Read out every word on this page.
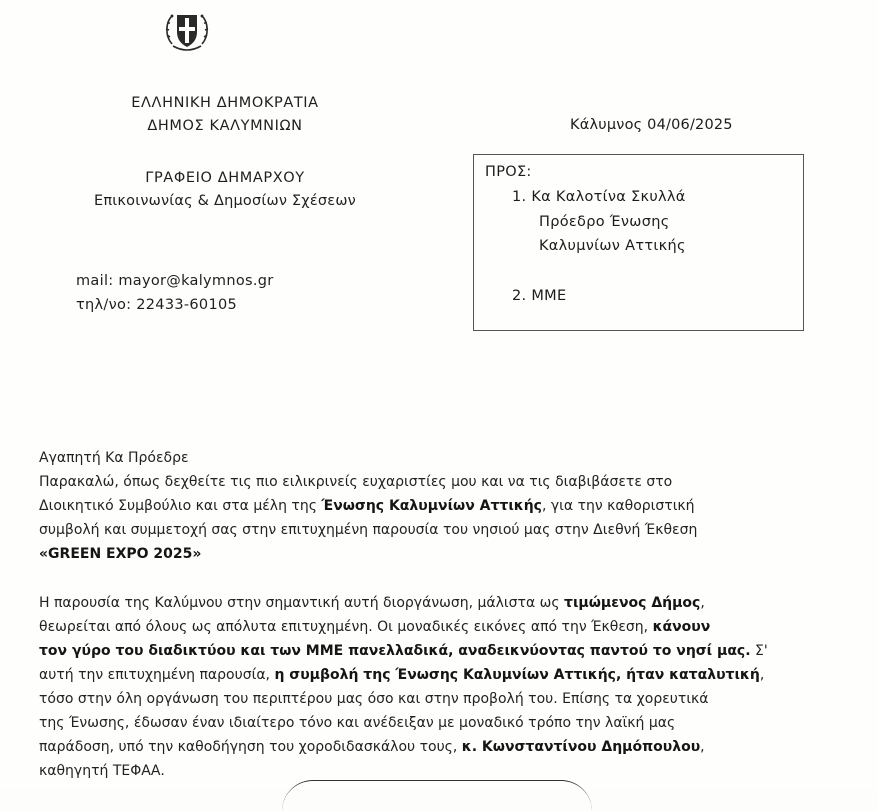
ΕΛΛΗΝΙΚΗ ΔΗΜΟΚΡΑΤΙΑ
ΔΗΜΟΣ ΚΑΛΥΜΝΙΩΝ
ΓΡΑΦΕΙΟ ΔΗΜΑΡΧΟΥ
Επικοινωνίας & Δημοσίων Σχέσεων
mail: mayor@kalymnos.gr
τηλ/νο: 22433-60105
Κάλυμνος 04/06/2025
ΠΡΟΣ:
1. Κα Καλοτίνα Σκυλλά
Πρόεδρο Ένωσης
Καλυμνίων Αττικής
2. ΜΜΕ
Αγαπητή Κα Πρόεδρε
Παρακαλώ, όπως δεχθείτε τις πιο ειλικρινείς ευχαριστίες μου και να τις διαβιβάσετε στο
Διοικητικό Συμβούλιο και στα μέλη της Ένωσης Καλυμνίων Αττικής, για την καθοριστική
συμβολή και συμμετοχή σας στην επιτυχημένη παρουσία του νησιού μας στην Διεθνή Έκθεση
«GREEN EXPO 2025»
Η παρουσία της Καλύμνου στην σημαντική αυτή διοργάνωση, μάλιστα ως τιμώμενος Δήμος,
θεωρείται από όλους ως απόλυτα επιτυχημένη. Οι μοναδικές εικόνες από την Έκθεση, κάνουν
τον γύρο του διαδικτύου και των ΜΜΕ πανελλαδικά, αναδεικνύοντας παντού το νησί μας. Σ'
αυτή την επιτυχημένη παρουσία, η συμβολή της Ένωσης Καλυμνίων Αττικής, ήταν καταλυτική,
τόσο στην όλη οργάνωση του περιπτέρου μας όσο και στην προβολή του. Επίσης τα χορευτικά
της Ένωσης, έδωσαν έναν ιδιαίτερο τόνο και ανέδειξαν με μοναδικό τρόπο την λαϊκή μας
παράδοση, υπό την καθοδήγηση του χοροδιδασκάλου τους, κ. Κωνσταντίνου Δημόπουλου,
καθηγητή ΤΕΦΑΑ.
